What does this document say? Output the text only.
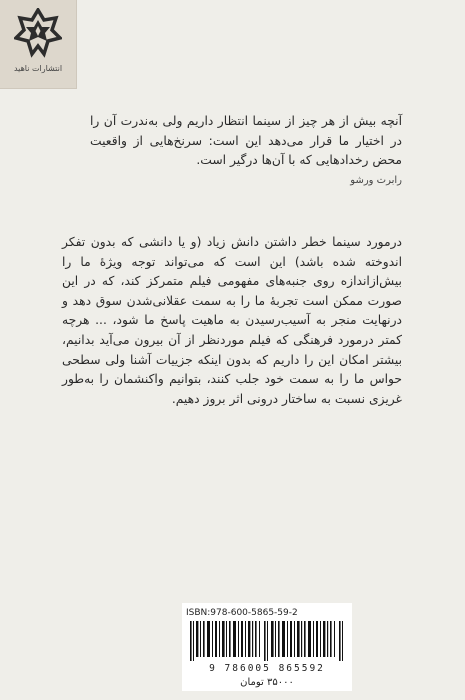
انتشارات ناهید
آنچه بیش از هر چیز از سینما انتظار داریم ولی به‌ندرت آن را در اختیار ما قرار می‌دهد این است: سرنخ‌هایی از واقعیت محض رخدادهایی که با آن‌ها درگیر است.
رابرت ورشو
درمورد سینما خطر داشتن دانش زیاد (و یا دانشی که بدون تفکر اندوخته شده باشد) این است که می‌تواند توجه ویژهٔ ما را بیش‌ازاندازه روی جنبه‌های مفهومی فیلم متمرکز کند، که در این صورت ممکن است تجربهٔ ما را به سمت عقلانی‌شدن سوق دهد و درنهایت منجر به آسیب‌رسیدن به ماهیت پاسخ ما شود، ... هرچه کمتر درمورد فرهنگی که فیلم موردنظر از آن بیرون می‌آید بدانیم، بیشتر امکان این را داریم که بدون اینکه جزییات آشنا ولی سطحی حواس ما را به سمت خود جلب کنند، بتوانیم واکنشمان را به‌طور غریزی نسبت به ساختار درونی اثر بروز دهیم.
ISBN:978-600-5865-59-2
9 786005 865592
۳۵۰۰۰ تومان
